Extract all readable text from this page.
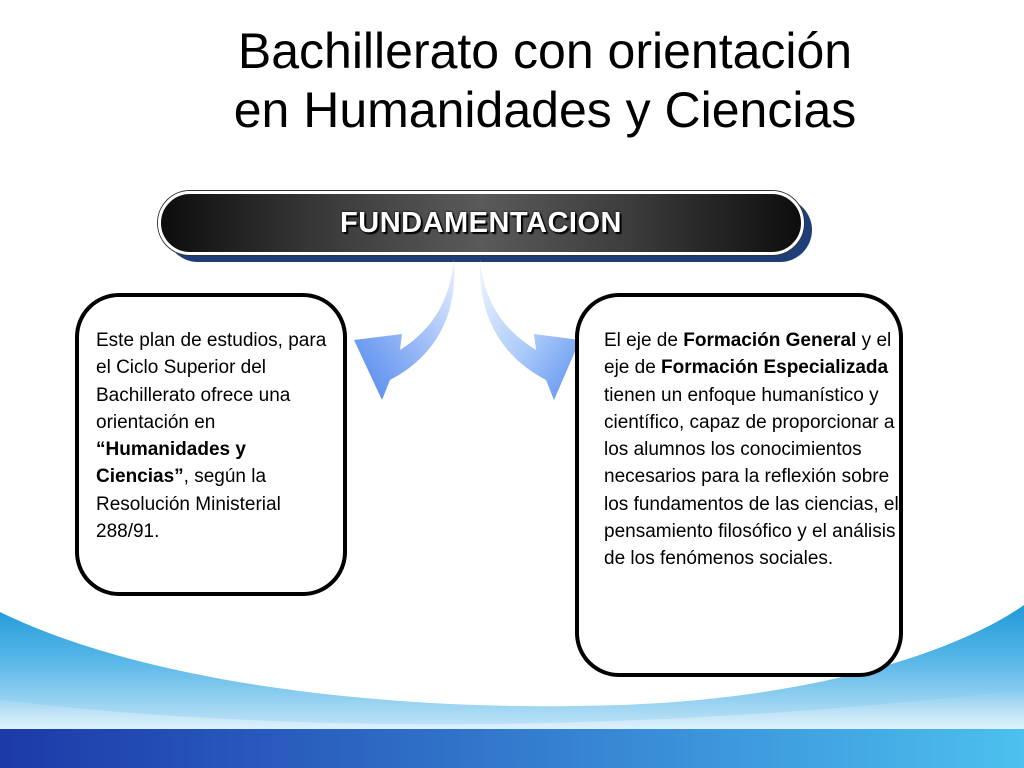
Bachillerato con orientación
en Humanidades y Ciencias
FUNDAMENTACION

Este plan de estudios, para el Ciclo Superior del Bachillerato ofrece una orientación en “Humanidades y Ciencias”, según la Resolución Ministerial 288/91.

El eje de Formación General y el eje de Formación Especializada tienen un enfoque humanístico y científico, capaz de proporcionar a los alumnos los conocimientos necesarios para la reflexión sobre los fundamentos de las ciencias, el pensamiento filosófico y el análisis de los fenómenos sociales.
